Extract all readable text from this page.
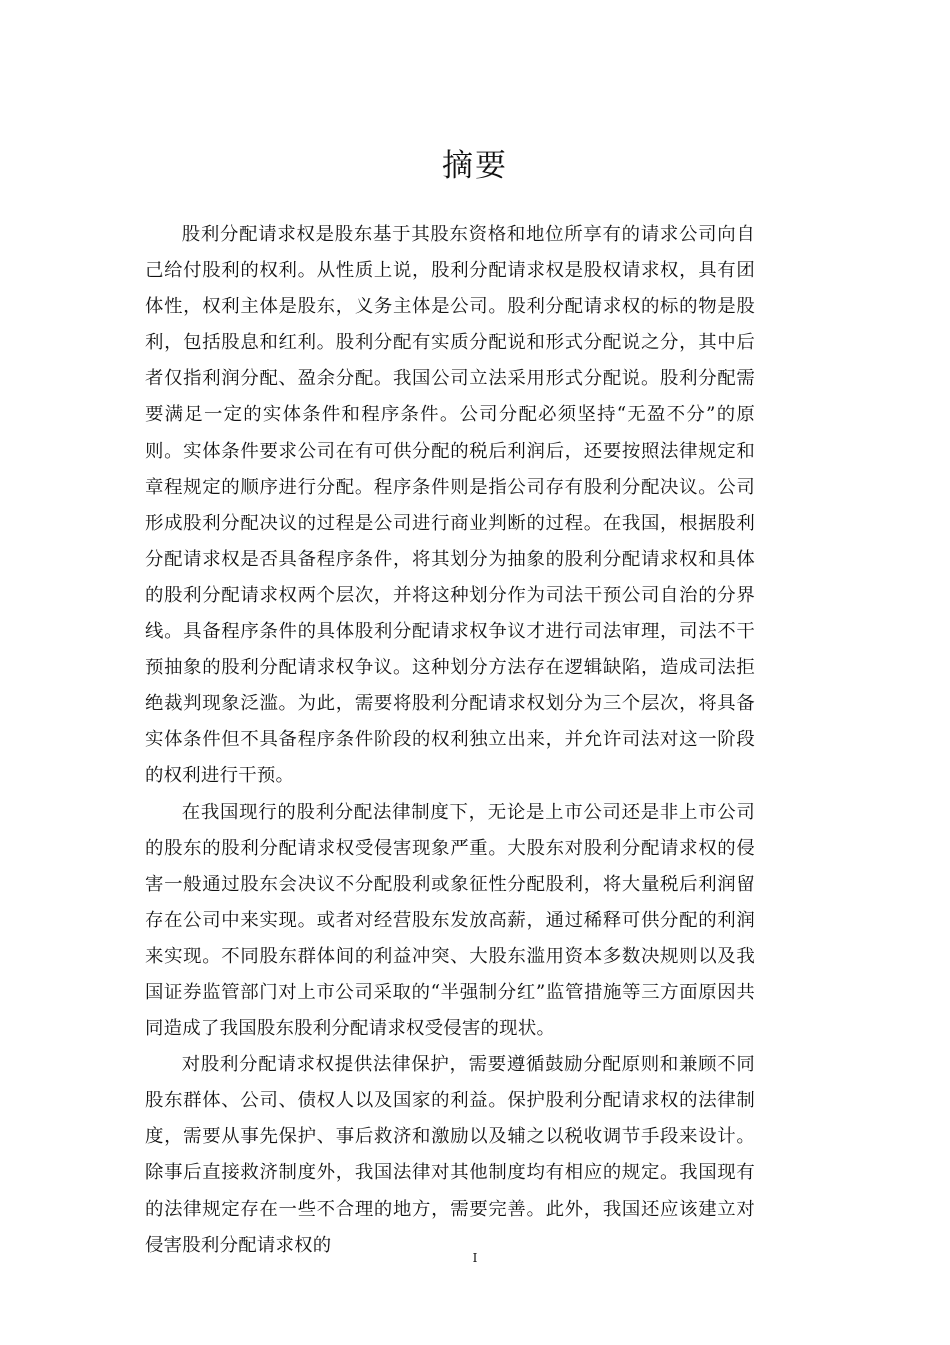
摘要

股利分配请求权是股东基于其股东资格和地位所享有的请求公司向自己给付股利的权利。从性质上说，股利分配请求权是股权请求权，具有团体性，权利主体是股东，义务主体是公司。股利分配请求权的标的物是股利，包括股息和红利。股利分配有实质分配说和形式分配说之分，其中后者仅指利润分配、盈余分配。我国公司立法采用形式分配说。股利分配需要满足一定的实体条件和程序条件。公司分配必须坚持“无盈不分”的原则。实体条件要求公司在有可供分配的税后利润后，还要按照法律规定和章程规定的顺序进行分配。程序条件则是指公司存有股利分配决议。公司形成股利分配决议的过程是公司进行商业判断的过程。在我国，根据股利分配请求权是否具备程序条件，将其划分为抽象的股利分配请求权和具体的股利分配请求权两个层次，并将这种划分作为司法干预公司自治的分界线。具备程序条件的具体股利分配请求权争议才进行司法审理，司法不干预抽象的股利分配请求权争议。这种划分方法存在逻辑缺陷，造成司法拒绝裁判现象泛滥。为此，需要将股利分配请求权划分为三个层次，将具备实体条件但不具备程序条件阶段的权利独立出来，并允许司法对这一阶段的权利进行干预。

在我国现行的股利分配法律制度下，无论是上市公司还是非上市公司的股东的股利分配请求权受侵害现象严重。大股东对股利分配请求权的侵害一般通过股东会决议不分配股利或象征性分配股利，将大量税后利润留存在公司中来实现。或者对经营股东发放高薪，通过稀释可供分配的利润来实现。不同股东群体间的利益冲突、大股东滥用资本多数决规则以及我国证券监管部门对上市公司采取的“半强制分红”监管措施等三方面原因共同造成了我国股东股利分配请求权受侵害的现状。

对股利分配请求权提供法律保护，需要遵循鼓励分配原则和兼顾不同股东群体、公司、债权人以及国家的利益。保护股利分配请求权的法律制度，需要从事先保护、事后救济和激励以及辅之以税收调节手段来设计。除事后直接救济制度外，我国法律对其他制度均有相应的规定。我国现有的法律规定存在一些不合理的地方，需要完善。此外，我国还应该建立对侵害股利分配请求权的

I
